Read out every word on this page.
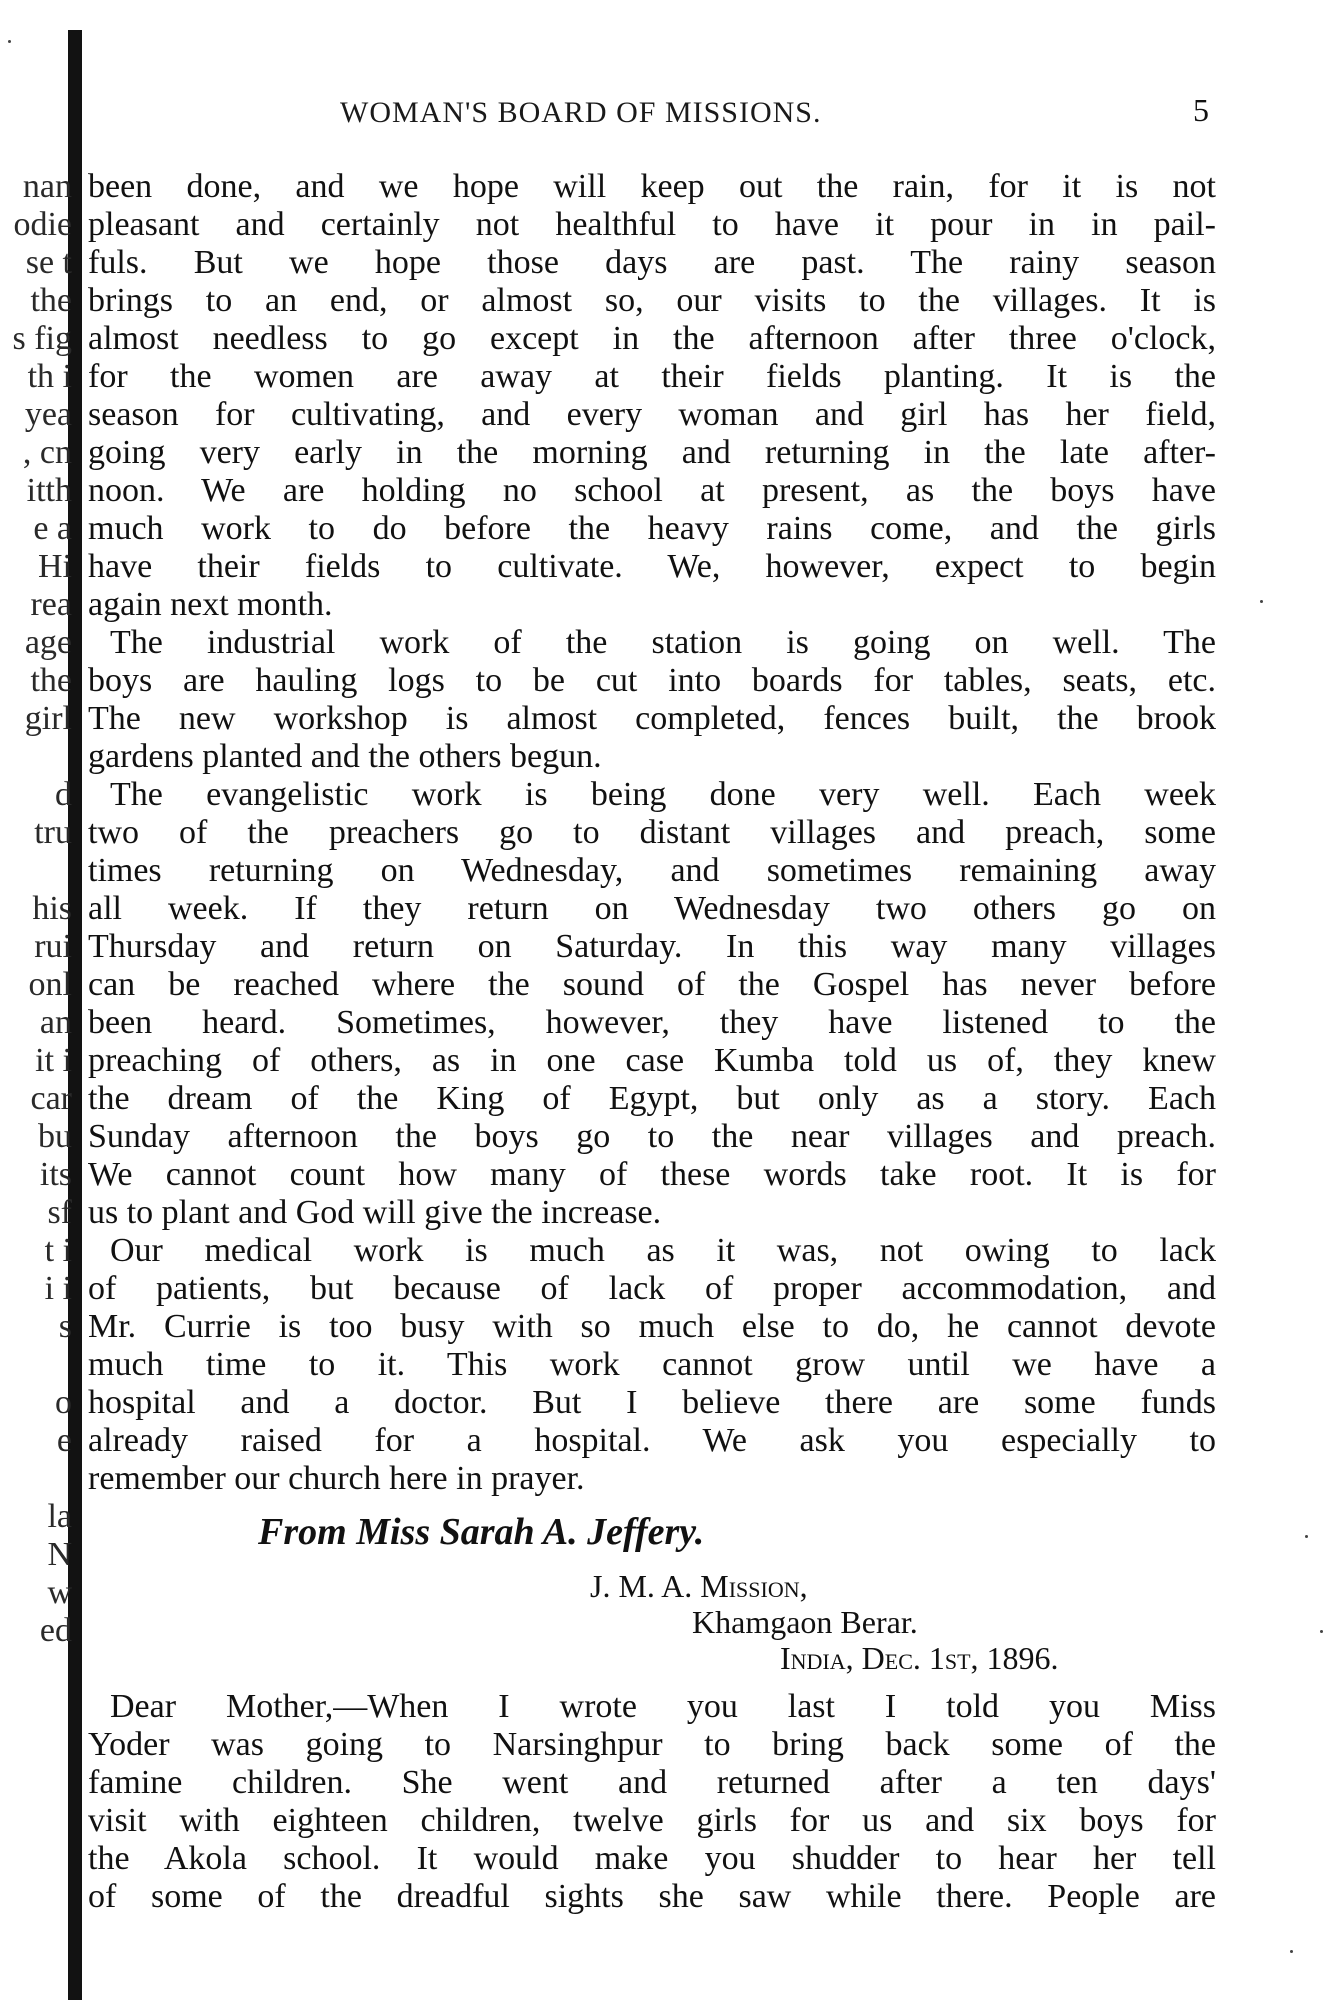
nan
odie
se t
the
s fig
th i
yea
, cn
itth
e a
Hi
rea
age
the
girl
d
tru
his
rui
onl
an
it i
car
bu
its
sf
t i
i i
s
o
e
la
N
w
ed
WOMAN'S BOARD OF MISSIONS.	5
been done, and we hope will keep out the rain, for it is not
pleasant and certainly not healthful to have it pour in in pail-
fuls. But we hope those days are past. The rainy season
brings to an end, or almost so, our visits to the villages. It is
almost needless to go except in the afternoon after three o'clock,
for the women are away at their fields planting. It is the
season for cultivating, and every woman and girl has her field,
going very early in the morning and returning in the late after-
noon. We are holding no school at present, as the boys have
much work to do before the heavy rains come, and the girls
have their fields to cultivate. We, however, expect to begin
again next month.
The industrial work of the station is going on well. The
boys are hauling logs to be cut into boards for tables, seats, etc.
The new workshop is almost completed, fences built, the brook
gardens planted and the others begun.
The evangelistic work is being done very well. Each week
two of the preachers go to distant villages and preach, some
times returning on Wednesday, and sometimes remaining away
all week. If they return on Wednesday two others go on
Thursday and return on Saturday. In this way many villages
can be reached where the sound of the Gospel has never before
been heard. Sometimes, however, they have listened to the
preaching of others, as in one case Kumba told us of, they knew
the dream of the King of Egypt, but only as a story. Each
Sunday afternoon the boys go to the near villages and preach.
We cannot count how many of these words take root. It is for
us to plant and God will give the increase.
Our medical work is much as it was, not owing to lack
of patients, but because of lack of proper accommodation, and
Mr. Currie is too busy with so much else to do, he cannot devote
much time to it. This work cannot grow until we have a
hospital and a doctor. But I believe there are some funds
already raised for a hospital. We ask you especially to
remember our church here in prayer.
From Miss Sarah A. Jeffery.
J. M. A. Mission,
Khamgaon Berar.
India, Dec. 1st, 1896.
Dear Mother,—When I wrote you last I told you Miss
Yoder was going to Narsinghpur to bring back some of the
famine children. She went and returned after a ten days'
visit with eighteen children, twelve girls for us and six boys for
the Akola school. It would make you shudder to hear her tell
of some of the dreadful sights she saw while there. People are
